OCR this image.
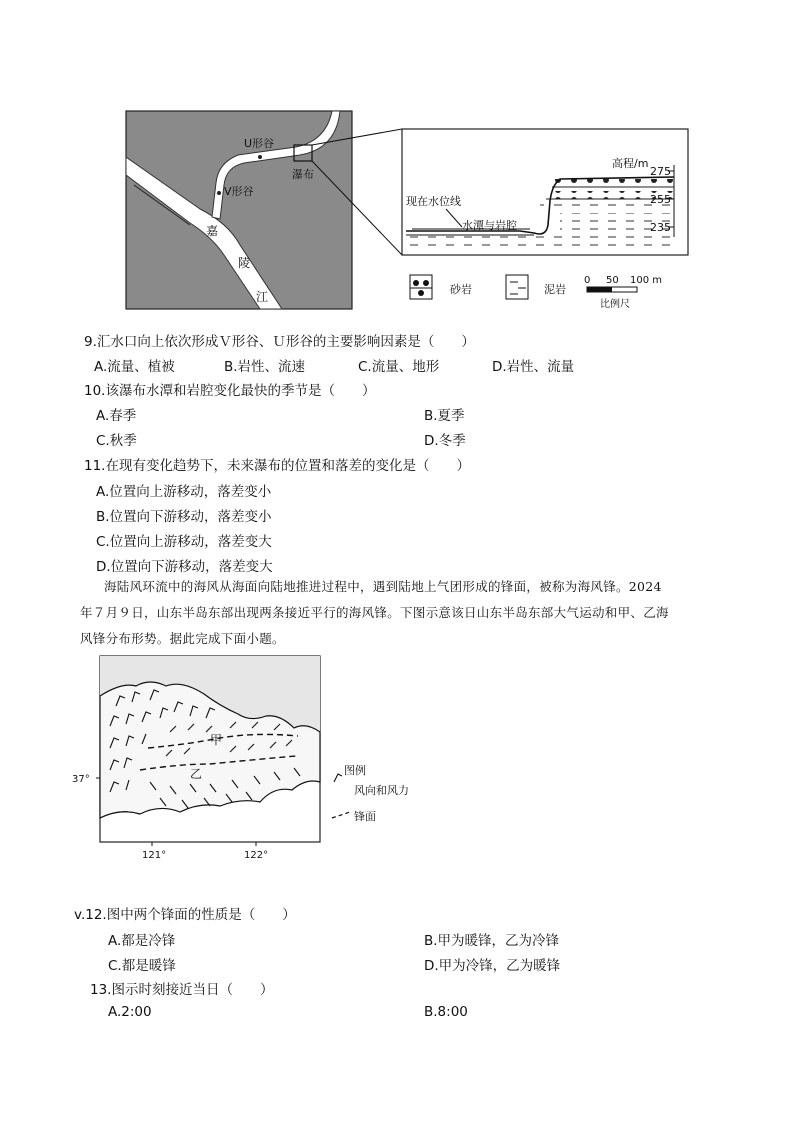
U形谷
V形谷
瀑布
嘉
陵
江
现在水位线
水潭与岩腔
高程/m
275
255
235
砂岩	泥岩
0 50 100 m
比例尺
9.汇水口向上依次形成Ｖ形谷、Ｕ形谷的主要影响因素是（　　）
A.流量、植被	B.岩性、流速	C.流量、地形	D.岩性、流量
10.该瀑布水潭和岩腔变化最快的季节是（　　）
A.春季	B.夏季
C.秋季	D.冬季
11.在现有变化趋势下，未来瀑布的位置和落差的变化是（　　）
A.位置向上游移动，落差变小
B.位置向下游移动，落差变小
C.位置向上游移动，落差变大
D.位置向下游移动，落差变大
海陆风环流中的海风从海面向陆地推进过程中，遇到陆地上气团形成的锋面，被称为海风锋。2024
年７月９日，山东半岛东部出现两条接近平行的海风锋。下图示意该日山东半岛东部大气运动和甲、乙海
风锋分布形势。据此完成下面小题。
甲
乙
37°
121°	122°
图例
风向和风力
锋面
v.12.图中两个锋面的性质是（　　）
A.都是冷锋	B.甲为暖锋，乙为冷锋
C.都是暖锋	D.甲为冷锋，乙为暖锋
13.图示时刻接近当日（　　）
A.2:00	B.8:00
